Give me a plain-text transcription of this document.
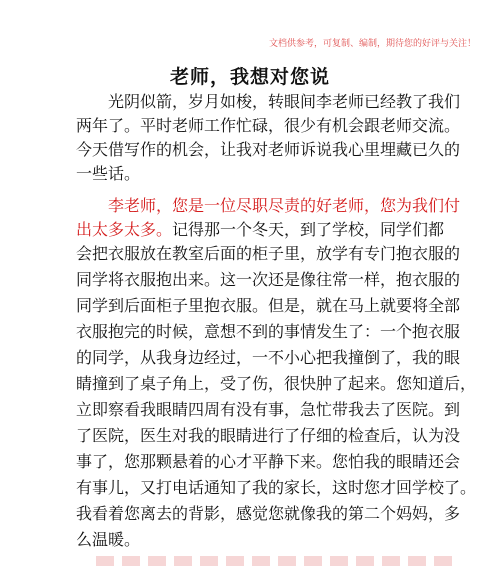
文档供参考，可复制、编制，期待您的好评与关注！
老师，我想对您说
光阴似箭，岁月如梭，转眼间李老师已经教了我们
两年了。平时老师工作忙碌，很少有机会跟老师交流。
今天借写作的机会，让我对老师诉说我心里埋藏已久的
一些话。
李老师，您是一位尽职尽责的好老师，您为我们付
出太多太多。记得那一个冬天，到了学校，同学们都
会把衣服放在教室后面的柜子里，放学有专门抱衣服的
同学将衣服抱出来。这一次还是像往常一样，抱衣服的
同学到后面柜子里抱衣服。但是，就在马上就要将全部
衣服抱完的时候，意想不到的事情发生了：一个抱衣服
的同学，从我身边经过，一不小心把我撞倒了，我的眼
睛撞到了桌子角上，受了伤，很快肿了起来。您知道后，
立即察看我眼睛四周有没有事，急忙带我去了医院。到
了医院，医生对我的眼睛进行了仔细的检查后，认为没
事了，您那颗悬着的心才平静下来。您怕我的眼睛还会
有事儿，又打电话通知了我的家长，这时您才回学校了。
我看着您离去的背影，感觉您就像我的第二个妈妈，多
么温暖。
